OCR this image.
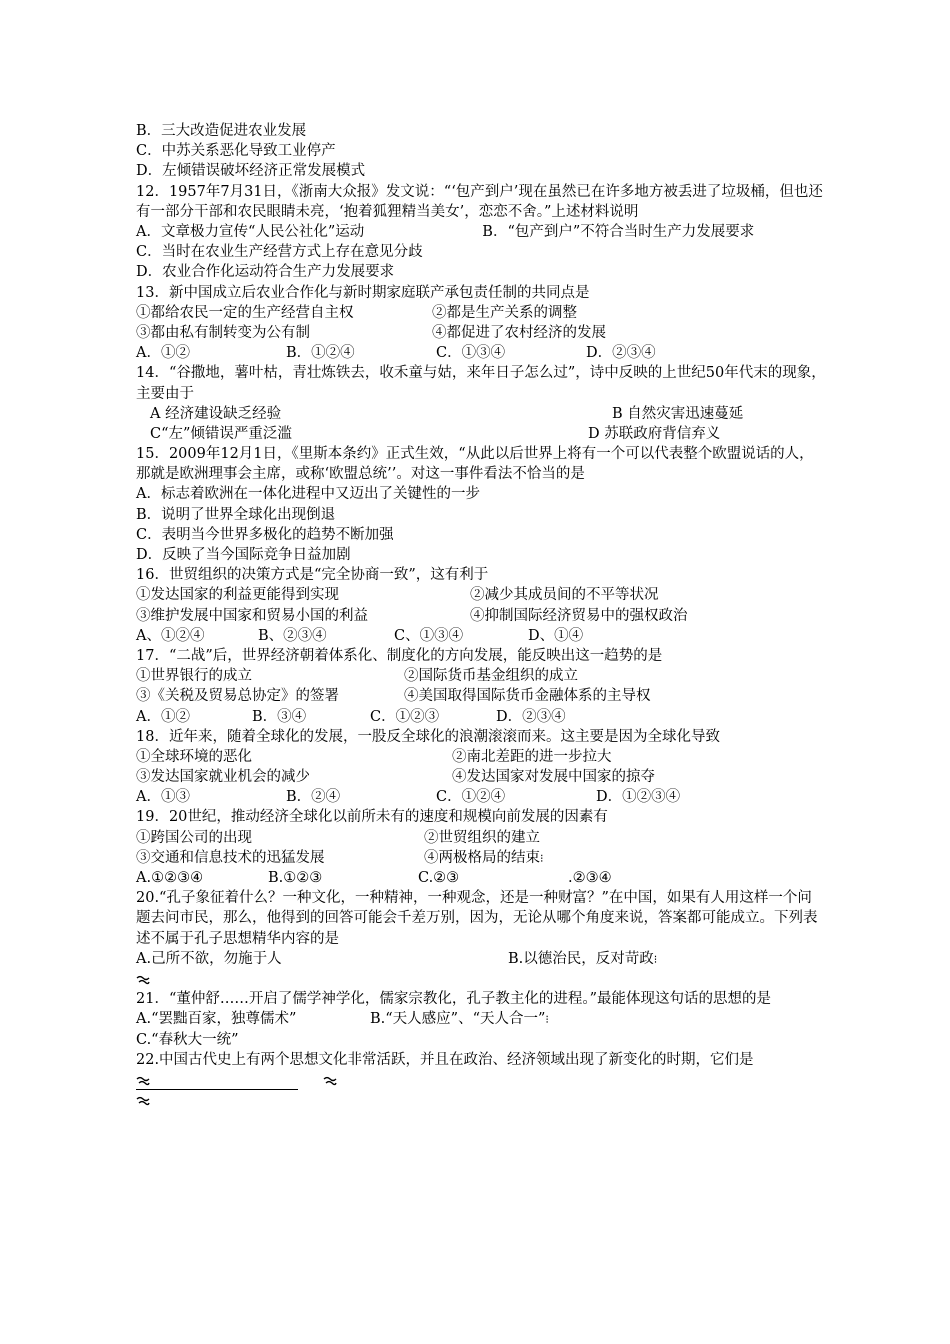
B．三大改造促进农业发展
C．中苏关系恶化导致工业停产
D．左倾错误破坏经济正常发展模式
12．1957年7月31日，《浙南大众报》发文说：“‘包产到户’现在虽然已在许多地方被丢进了垃圾桶，但也还有一部分干部和农民眼睛未亮，‘抱着狐狸精当美女’，恋恋不舍。”上述材料说明
A．文章极力宣传“人民公社化”运动	B．“包产到户”不符合当时生产力发展要求
C．当时在农业生产经营方式上存在意见分歧
D．农业合作化运动符合生产力发展要求
13．新中国成立后农业合作化与新时期家庭联产承包责任制的共同点是
①都给农民一定的生产经营自主权	②都是生产关系的调整
③都由私有制转变为公有制	④都促进了农村经济的发展
A．①②	B．①②④	C．①③④	D．②③④
14．“谷撒地，薯叶枯，青壮炼铁去，收禾童与姑，来年日子怎么过”，诗中反映的上世纪50年代末的现象，主要由于
A 经济建设缺乏经验	B 自然灾害迅速蔓延
C“左”倾错误严重泛滥	D 苏联政府背信弃义
15．2009年12月1日，《里斯本条约》正式生效，“从此以后世界上将有一个可以代表整个欧盟说话的人，那就是欧洲理事会主席，或称‘欧盟总统’’。对这一事件看法不恰当的是
A．标志着欧洲在一体化进程中又迈出了关键性的一步
B．说明了世界全球化出现倒退
C．表明当今世界多极化的趋势不断加强
D．反映了当今国际竞争日益加剧
16．世贸组织的决策方式是“完全协商一致”，这有利于
①发达国家的利益更能得到实现	②减少其成员间的不平等状况
③维护发展中国家和贸易小国的利益	④抑制国际经济贸易中的强权政治
A、①②④	B、②③④	C、①③④	D、①④
17．“二战”后，世界经济朝着体系化、制度化的方向发展，能反映出这一趋势的是
①世界银行的成立	②国际货币基金组织的成立
③《关税及贸易总协定》的签署	④美国取得国际货币金融体系的主导权
A．①②	B．③④	C．①②③	D．②③④
18．近年来，随着全球化的发展，一股反全球化的浪潮滚滚而来。这主要是因为全球化导致
①全球环境的恶化	②南北差距的进一步拉大
③发达国家就业机会的减少	④发达国家对发展中国家的掠夺
A．①③	B．②④	C．①②④	D．①②③④
19．20世纪，推动经济全球化以前所未有的速度和规模向前发展的因素有
①跨国公司的出现	②世贸组织的建立
③交通和信息技术的迅猛发展	④两极格局的结束⁝
A.①②③④	B.①②③	C.②③	.②③④
20.“孔子象征着什么？一种文化，一种精神，一种观念，还是一种财富？”在中国，如果有人用这样一个问题去问市民，那么，他得到的回答可能会千差万别，因为，无论从哪个角度来说，答案都可能成立。下列表述不属于孔子思想精华内容的是
A.己所不欲，勿施于人	B.以德治民，反对苛政⁝
21．“董仲舒……开启了儒学神学化，儒家宗教化，孔子教主化的进程。”最能体现这句话的思想的是
A.“罢黜百家，独尊儒术”	B.“天人感应”、“天人合一”⁝
C.“春秋大一统”
22.中国古代史上有两个思想文化非常活跃，并且在政治、经济领域出现了新变化的时期，它们是
